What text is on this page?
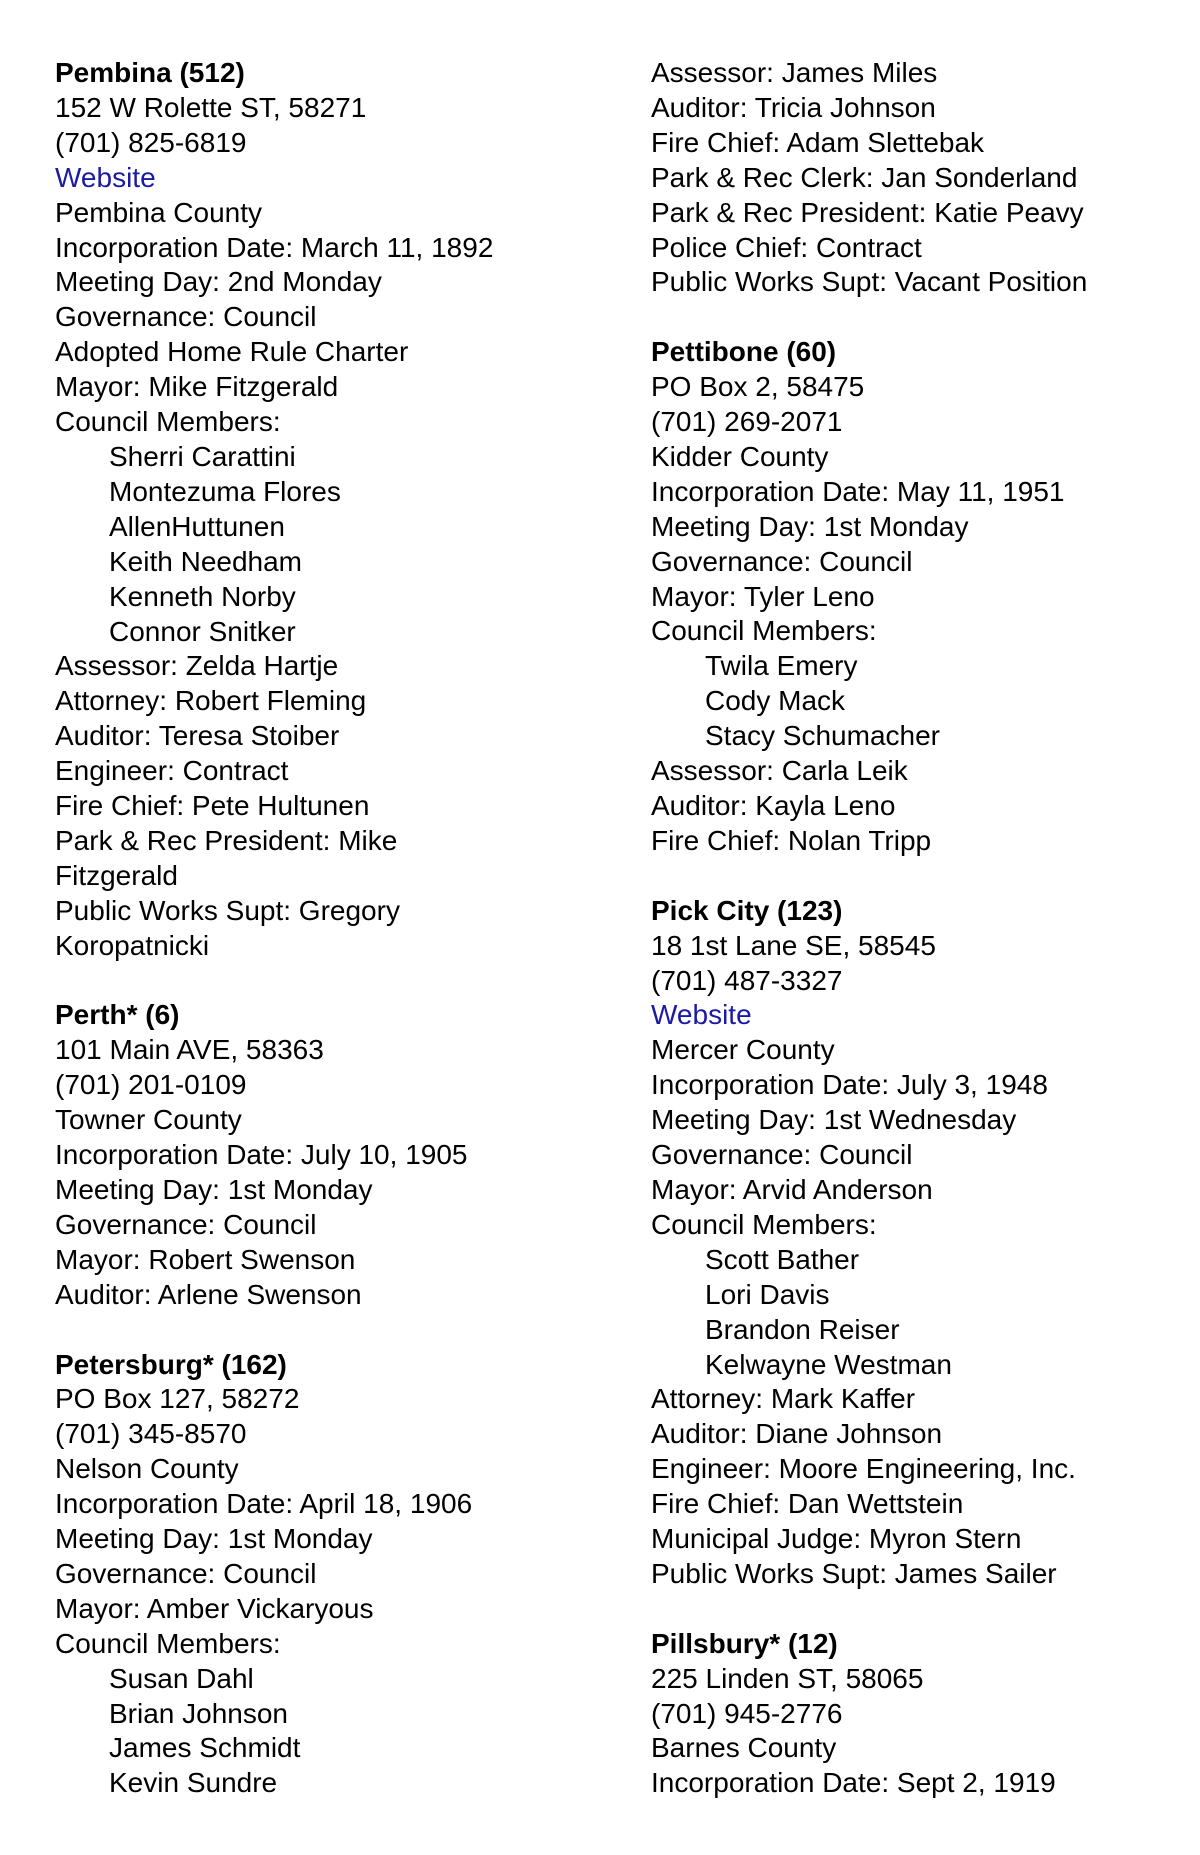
Pembina (512)
152 W Rolette ST, 58271
(701) 825-6819
Website
Pembina County
Incorporation Date: March 11, 1892
Meeting Day: 2nd Monday
Governance: Council
Adopted Home Rule Charter
Mayor: Mike Fitzgerald
Council Members:
Sherri Carattini
Montezuma Flores
AllenHuttunen
Keith Needham
Kenneth Norby
Connor Snitker
Assessor: Zelda Hartje
Attorney: Robert Fleming
Auditor: Teresa Stoiber
Engineer: Contract
Fire Chief: Pete Hultunen
Park & Rec President: Mike
Fitzgerald
Public Works Supt: Gregory
Koropatnicki
Perth* (6)
101 Main AVE, 58363
(701) 201-0109
Towner County
Incorporation Date: July 10, 1905
Meeting Day: 1st Monday
Governance: Council
Mayor: Robert Swenson
Auditor: Arlene Swenson
Petersburg* (162)
PO Box 127, 58272
(701) 345-8570
Nelson County
Incorporation Date: April 18, 1906
Meeting Day: 1st Monday
Governance: Council
Mayor: Amber Vickaryous
Council Members:
Susan Dahl
Brian Johnson
James Schmidt
Kevin Sundre
Assessor: James Miles
Auditor: Tricia Johnson
Fire Chief: Adam Slettebak
Park & Rec Clerk: Jan Sonderland
Park & Rec President: Katie Peavy
Police Chief: Contract
Public Works Supt: Vacant Position
Pettibone (60)
PO Box 2, 58475
(701) 269-2071
Kidder County
Incorporation Date: May 11, 1951
Meeting Day: 1st Monday
Governance: Council
Mayor: Tyler Leno
Council Members:
Twila Emery
Cody Mack
Stacy Schumacher
Assessor: Carla Leik
Auditor: Kayla Leno
Fire Chief: Nolan Tripp
Pick City (123)
18 1st Lane SE, 58545
(701) 487-3327
Website
Mercer County
Incorporation Date: July 3, 1948
Meeting Day: 1st Wednesday
Governance: Council
Mayor: Arvid Anderson
Council Members:
Scott Bather
Lori Davis
Brandon Reiser
Kelwayne Westman
Attorney: Mark Kaffer
Auditor: Diane Johnson
Engineer: Moore Engineering, Inc.
Fire Chief: Dan Wettstein
Municipal Judge: Myron Stern
Public Works Supt: James Sailer
Pillsbury* (12)
225 Linden ST, 58065
(701) 945-2776
Barnes County
Incorporation Date: Sept 2, 1919
